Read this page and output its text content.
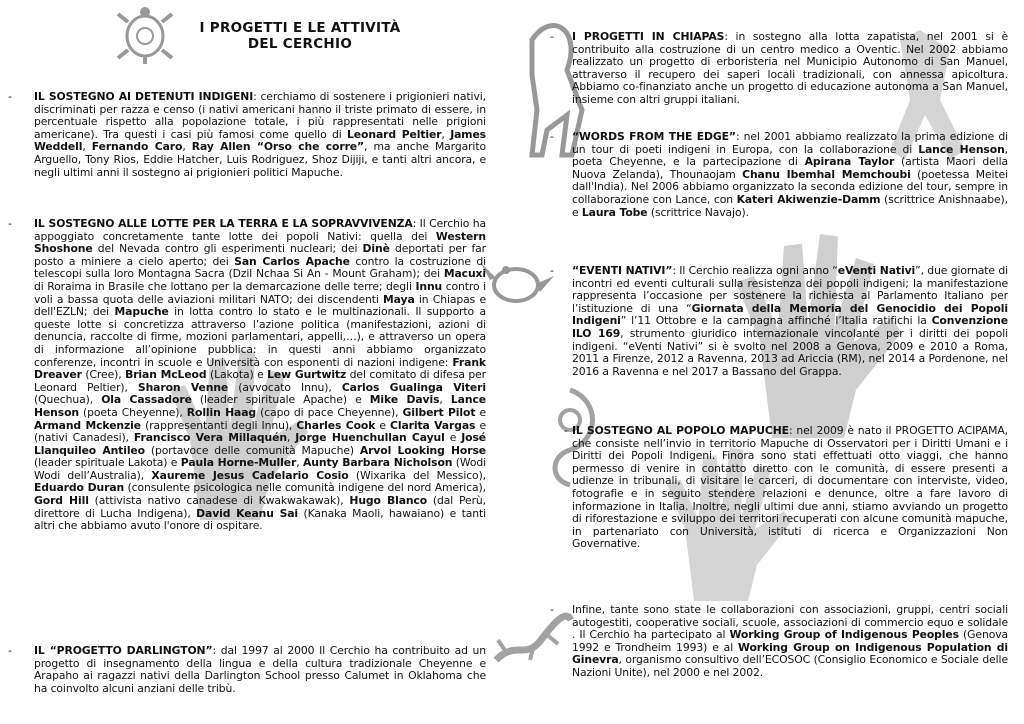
I PROGETTI E LE ATTIVITÀ
DEL CERCHIO
- IL SOSTEGNO AI DETENUTI INDIGENI: cerchiamo di sostenere i prigionieri nativi, discriminati per razza e censo (i nativi americani hanno il triste primato di essere, in percentuale rispetto alla popolazione totale, i più rappresentati nelle prigioni americane). Tra questi i casi più famosi come quello di Leonard Peltier, James Weddell, Fernando Caro, Ray Allen “Orso che corre”, ma anche Margarito Arguello, Tony Rios, Eddie Hatcher, Luis Rodriguez, Shoz Dijiji, e tanti altri ancora, e negli ultimi anni il sostegno ai prigionieri politici Mapuche.

- IL SOSTEGNO ALLE LOTTE PER LA TERRA E LA SOPRAVVIVENZA: Il Cerchio ha appoggiato concretamente tante lotte dei popoli Nativi: quella dei Western Shoshone del Nevada contro gli esperimenti nucleari; dei Dinè deportati per far posto a miniere a cielo aperto; dei San Carlos Apache contro la costruzione di telescopi sulla loro Montagna Sacra (Dzil Nchaa Si An - Mount Graham); dei Macuxi di Roraima in Brasile che lottano per la demarcazione delle terre; degli Innu contro i voli a bassa quota delle aviazioni militari NATO; dei discendenti Maya in Chiapas e dell'EZLN; dei Mapuche in lotta contro lo stato e le multinazionali. Il supporto a queste lotte si concretizza attraverso l’azione politica (manifestazioni, azioni di denuncia, raccolte di firme, mozioni parlamentari, appelli,…), e attraverso un opera di informazione all’opinione pubblica: in questi anni abbiamo organizzato conferenze, incontri in scuole e Università con esponenti di nazioni indigene: Frank Dreaver (Cree), Brian McLeod (Lakota) e Lew Gurtwitz del comitato di difesa per Leonard Peltier), Sharon Venne (avvocato Innu), Carlos Gualinga Viteri (Quechua), Ola Cassadore (leader spirituale Apache) e Mike Davis, Lance Henson (poeta Cheyenne), Rollin Haag (capo di pace Cheyenne), Gilbert Pilot e Armand Mckenzie (rappresentanti degli Innu), Charles Cook e Clarita Vargas e (nativi Canadesi), Francisco Vera Millaquén, Jorge Huenchullan Cayul e José Llanquileo Antileo (portavoce delle comunità Mapuche) Arvol Looking Horse (leader spirituale Lakota) e Paula Horne-Muller, Aunty Barbara Nicholson (Wodi Wodi dell’Australia), Xaureme Jesus Cadelario Cosio (Wixarika del Messico), Eduardo Duran (consulente psicologica nelle comunità indigene del nord America), Gord Hill (attivista nativo canadese di Kwakwakawak), Hugo Blanco (dal Perù, direttore di Lucha Indigena), David Keanu Sai (Kanaka Maoli, hawaiano) e tanti altri che abbiamo avuto l'onore di ospitare.

- IL “PROGETTO DARLINGTON”: dal 1997 al 2000 Il Cerchio ha contribuito ad un progetto di insegnamento della lingua e della cultura tradizionale Cheyenne e Arapaho ai ragazzi nativi della Darlington School presso Calumet in Oklahoma che ha coinvolto alcuni anziani delle tribù.

- I PROGETTI IN CHIAPAS: in sostegno alla lotta zapatista, nel 2001 si è contribuito alla costruzione di un centro medico a Oventic. Nel 2002 abbiamo realizzato un progetto di erboristeria nel Municipio Autonomo di San Manuel, attraverso il recupero dei saperi locali tradizionali, con annessa apicoltura. Abbiamo co-finanziato anche un progetto di educazione autonoma a San Manuel, insieme con altri gruppi italiani.

- “WORDS FROM THE EDGE”: nel 2001 abbiamo realizzato la prima edizione di un tour di poeti indigeni in Europa, con la collaborazione di Lance Henson, poeta Cheyenne, e la partecipazione di Apirana Taylor (artista Maori della Nuova Zelanda), Thounaojam Chanu Ibemhal Memchoubi (poetessa Meitei dall'India). Nel 2006 abbiamo organizzato la seconda edizione del tour, sempre in collaborazione con Lance, con Kateri Akiwenzie-Damm (scrittrice Anishnaabe), e Laura Tobe (scrittrice Navajo).

- “EVENTI NATIVI”: Il Cerchio realizza ogni anno “eVenti Nativi”, due giornate di incontri ed eventi culturali sulla resistenza dei popoli indigeni; la manifestazione rappresenta l’occasione per sostenere la richiesta al Parlamento Italiano per l’istituzione di una “Giornata della Memoria del Genocidio dei Popoli Indigeni” l’11 Ottobre e la campagna affinché l’Italia ratifichi la Convenzione ILO 169, strumento giuridico internazionale vincolante per i diritti dei popoli indigeni. “eVenti Nativi” si è svolto nel 2008 a Genova, 2009 e 2010 a Roma, 2011 a Firenze, 2012 a Ravenna, 2013 ad Ariccia (RM), nel 2014 a Pordenone, nel 2016 a Ravenna e nel 2017 a Bassano del Grappa.

- IL SOSTEGNO AL POPOLO MAPUCHE: nel 2009 è nato il PROGETTO ACIPAMA, che consiste nell’invio in territorio Mapuche di Osservatori per i Diritti Umani e i Diritti dei Popoli Indigeni. Finora sono stati effettuati otto viaggi, che hanno permesso di venire in contatto diretto con le comunità, di essere presenti a udienze in tribunali, di visitare le carceri, di documentare con interviste, video, fotografie e in seguito stendere relazioni e denunce, oltre a fare lavoro di informazione in Italia. Inoltre, negli ultimi due anni, stiamo avviando un progetto di riforestazione e sviluppo dei territori recuperati con alcune comunità mapuche, in partenariato con Università, istituti di ricerca e Organizzazioni Non Governative.

- Infine, tante sono state le collaborazioni con associazioni, gruppi, centri sociali autogestiti, cooperative sociali, scuole, associazioni di commercio equo e solidale . Il Cerchio ha partecipato al Working Group of Indigenous Peoples (Genova 1992 e Trondheim 1993) e al Working Group on Indigenous Population di Ginevra, organismo consultivo dell’ECOSOC (Consiglio Economico e Sociale delle Nazioni Unite), nel 2000 e nel 2002.
